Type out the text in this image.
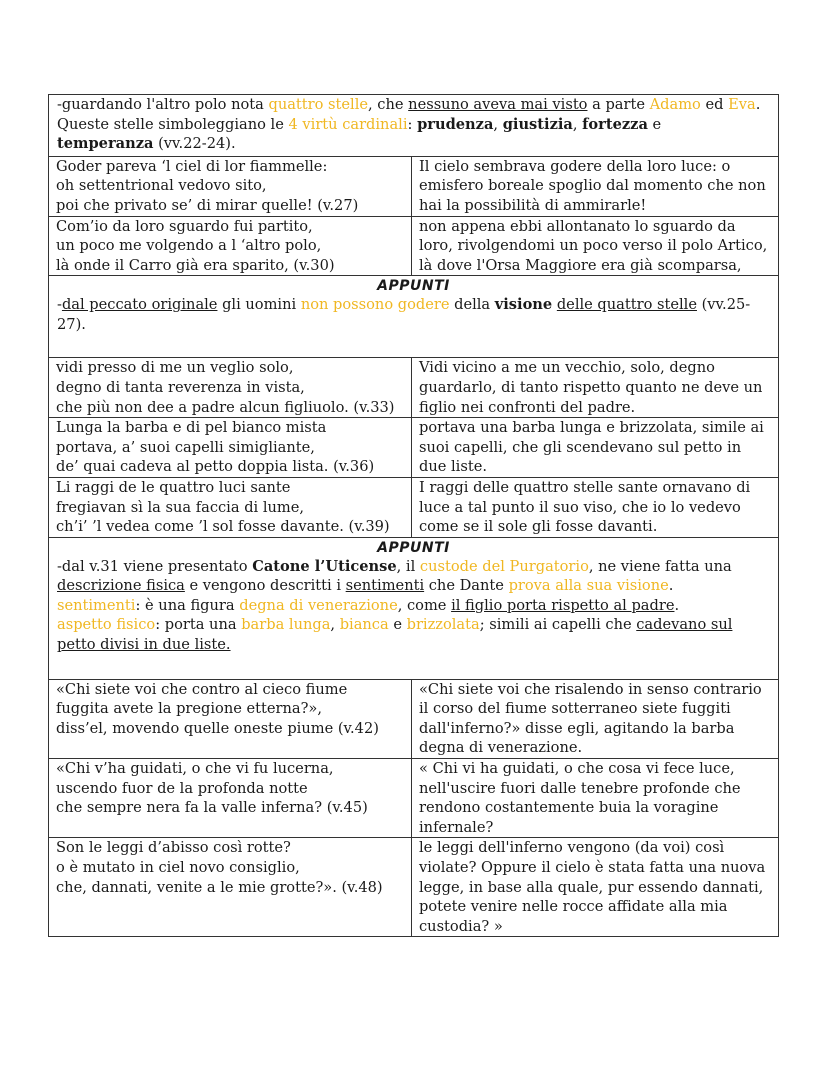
-guardando l'altro polo nota quattro stelle, che nessuno aveva mai visto a parte Adamo ed Eva.
Queste stelle simboleggiano le 4 virtù cardinali: prudenza, giustizia, fortezza e
temperanza (vv.22-24).
Goder pareva ‘l ciel di lor fiammelle:
oh settentrional vedovo sito,
poi che privato se’ di mirar quelle! (v.27)
Il cielo sembrava godere della loro luce: o
emisfero boreale spoglio dal momento che non
hai la possibilità di ammirarle!
Com’io da loro sguardo fui partito,
un poco me volgendo a l ‘altro polo,
là onde il Carro già era sparito, (v.30)
non appena ebbi allontanato lo sguardo da
loro, rivolgendomi un poco verso il polo Artico,
là dove l'Orsa Maggiore era già scomparsa,
APPUNTI
-dal peccato originale gli uomini non possono godere della visione delle quattro stelle (vv.25-
27).
vidi presso di me un veglio solo,
degno di tanta reverenza in vista,
che più non dee a padre alcun figliuolo. (v.33)
Vidi vicino a me un vecchio, solo, degno
guardarlo, di tanto rispetto quanto ne deve un
figlio nei confronti del padre.
Lunga la barba e di pel bianco mista
portava, a’ suoi capelli simigliante,
de’ quai cadeva al petto doppia lista. (v.36)
portava una barba lunga e brizzolata, simile ai
suoi capelli, che gli scendevano sul petto in
due liste.
Li raggi de le quattro luci sante
fregiavan sì la sua faccia di lume,
ch’i’ ’l vedea come ’l sol fosse davante. (v.39)
I raggi delle quattro stelle sante ornavano di
luce a tal punto il suo viso, che io lo vedevo
come se il sole gli fosse davanti.
APPUNTI
-dal v.31 viene presentato Catone l’Uticense, il custode del Purgatorio, ne viene fatta una
descrizione fisica e vengono descritti i sentimenti che Dante prova alla sua visione.
sentimenti: è una figura degna di venerazione, come il figlio porta rispetto al padre.
aspetto fisico: porta una barba lunga, bianca e brizzolata; simili ai capelli che cadevano sul
petto divisi in due liste.
«Chi siete voi che contro al cieco fiume
fuggita avete la pregione etterna?»,
diss’el, movendo quelle oneste piume (v.42)
«Chi siete voi che risalendo in senso contrario
il corso del fiume sotterraneo siete fuggiti
dall'inferno?» disse egli, agitando la barba
degna di venerazione.
«Chi v’ha guidati, o che vi fu lucerna,
uscendo fuor de la profonda notte
che sempre nera fa la valle inferna? (v.45)
« Chi vi ha guidati, o che cosa vi fece luce,
nell'uscire fuori dalle tenebre profonde che
rendono costantemente buia la voragine
infernale?
Son le leggi d’abisso così rotte?
o è mutato in ciel novo consiglio,
che, dannati, venite a le mie grotte?». (v.48)
le leggi dell'inferno vengono (da voi) così
violate? Oppure il cielo è stata fatta una nuova
legge, in base alla quale, pur essendo dannati,
potete venire nelle rocce affidate alla mia
custodia? »
